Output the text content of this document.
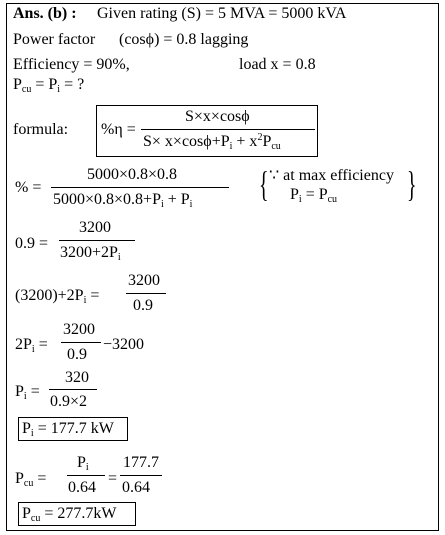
Ans. (b) : Given rating (S) = 5 MVA = 5000 kVA
Power factor (cosϕ) = 0.8 lagging
Efficiency = 90%,	load x = 0.8
$P_{cu} = P_i$ = ?
formula: %η =
S×x×cosϕ
$S\times x\times\cos\phi+P_i + x^2P_{cu}$
% =
5000×0.8×0.8
$5000\times 0.8\times 0.8+P_i + P_i$
{ ∵ at max efficiency
$P_i = P_{cu}$ }
0.9 =
3200
$3200+2P_i$
$(3200)+2P_i$ =
3200
0.9
$2P_i$ =
3200
0.9
−3200
$P_i$ =
320
0.9×2
$P_i = 177.7$ kW
$P_{cu}$ =
$P_i$
0.64
=
177.7
0.64
$P_{cu} = 277.7kW$
